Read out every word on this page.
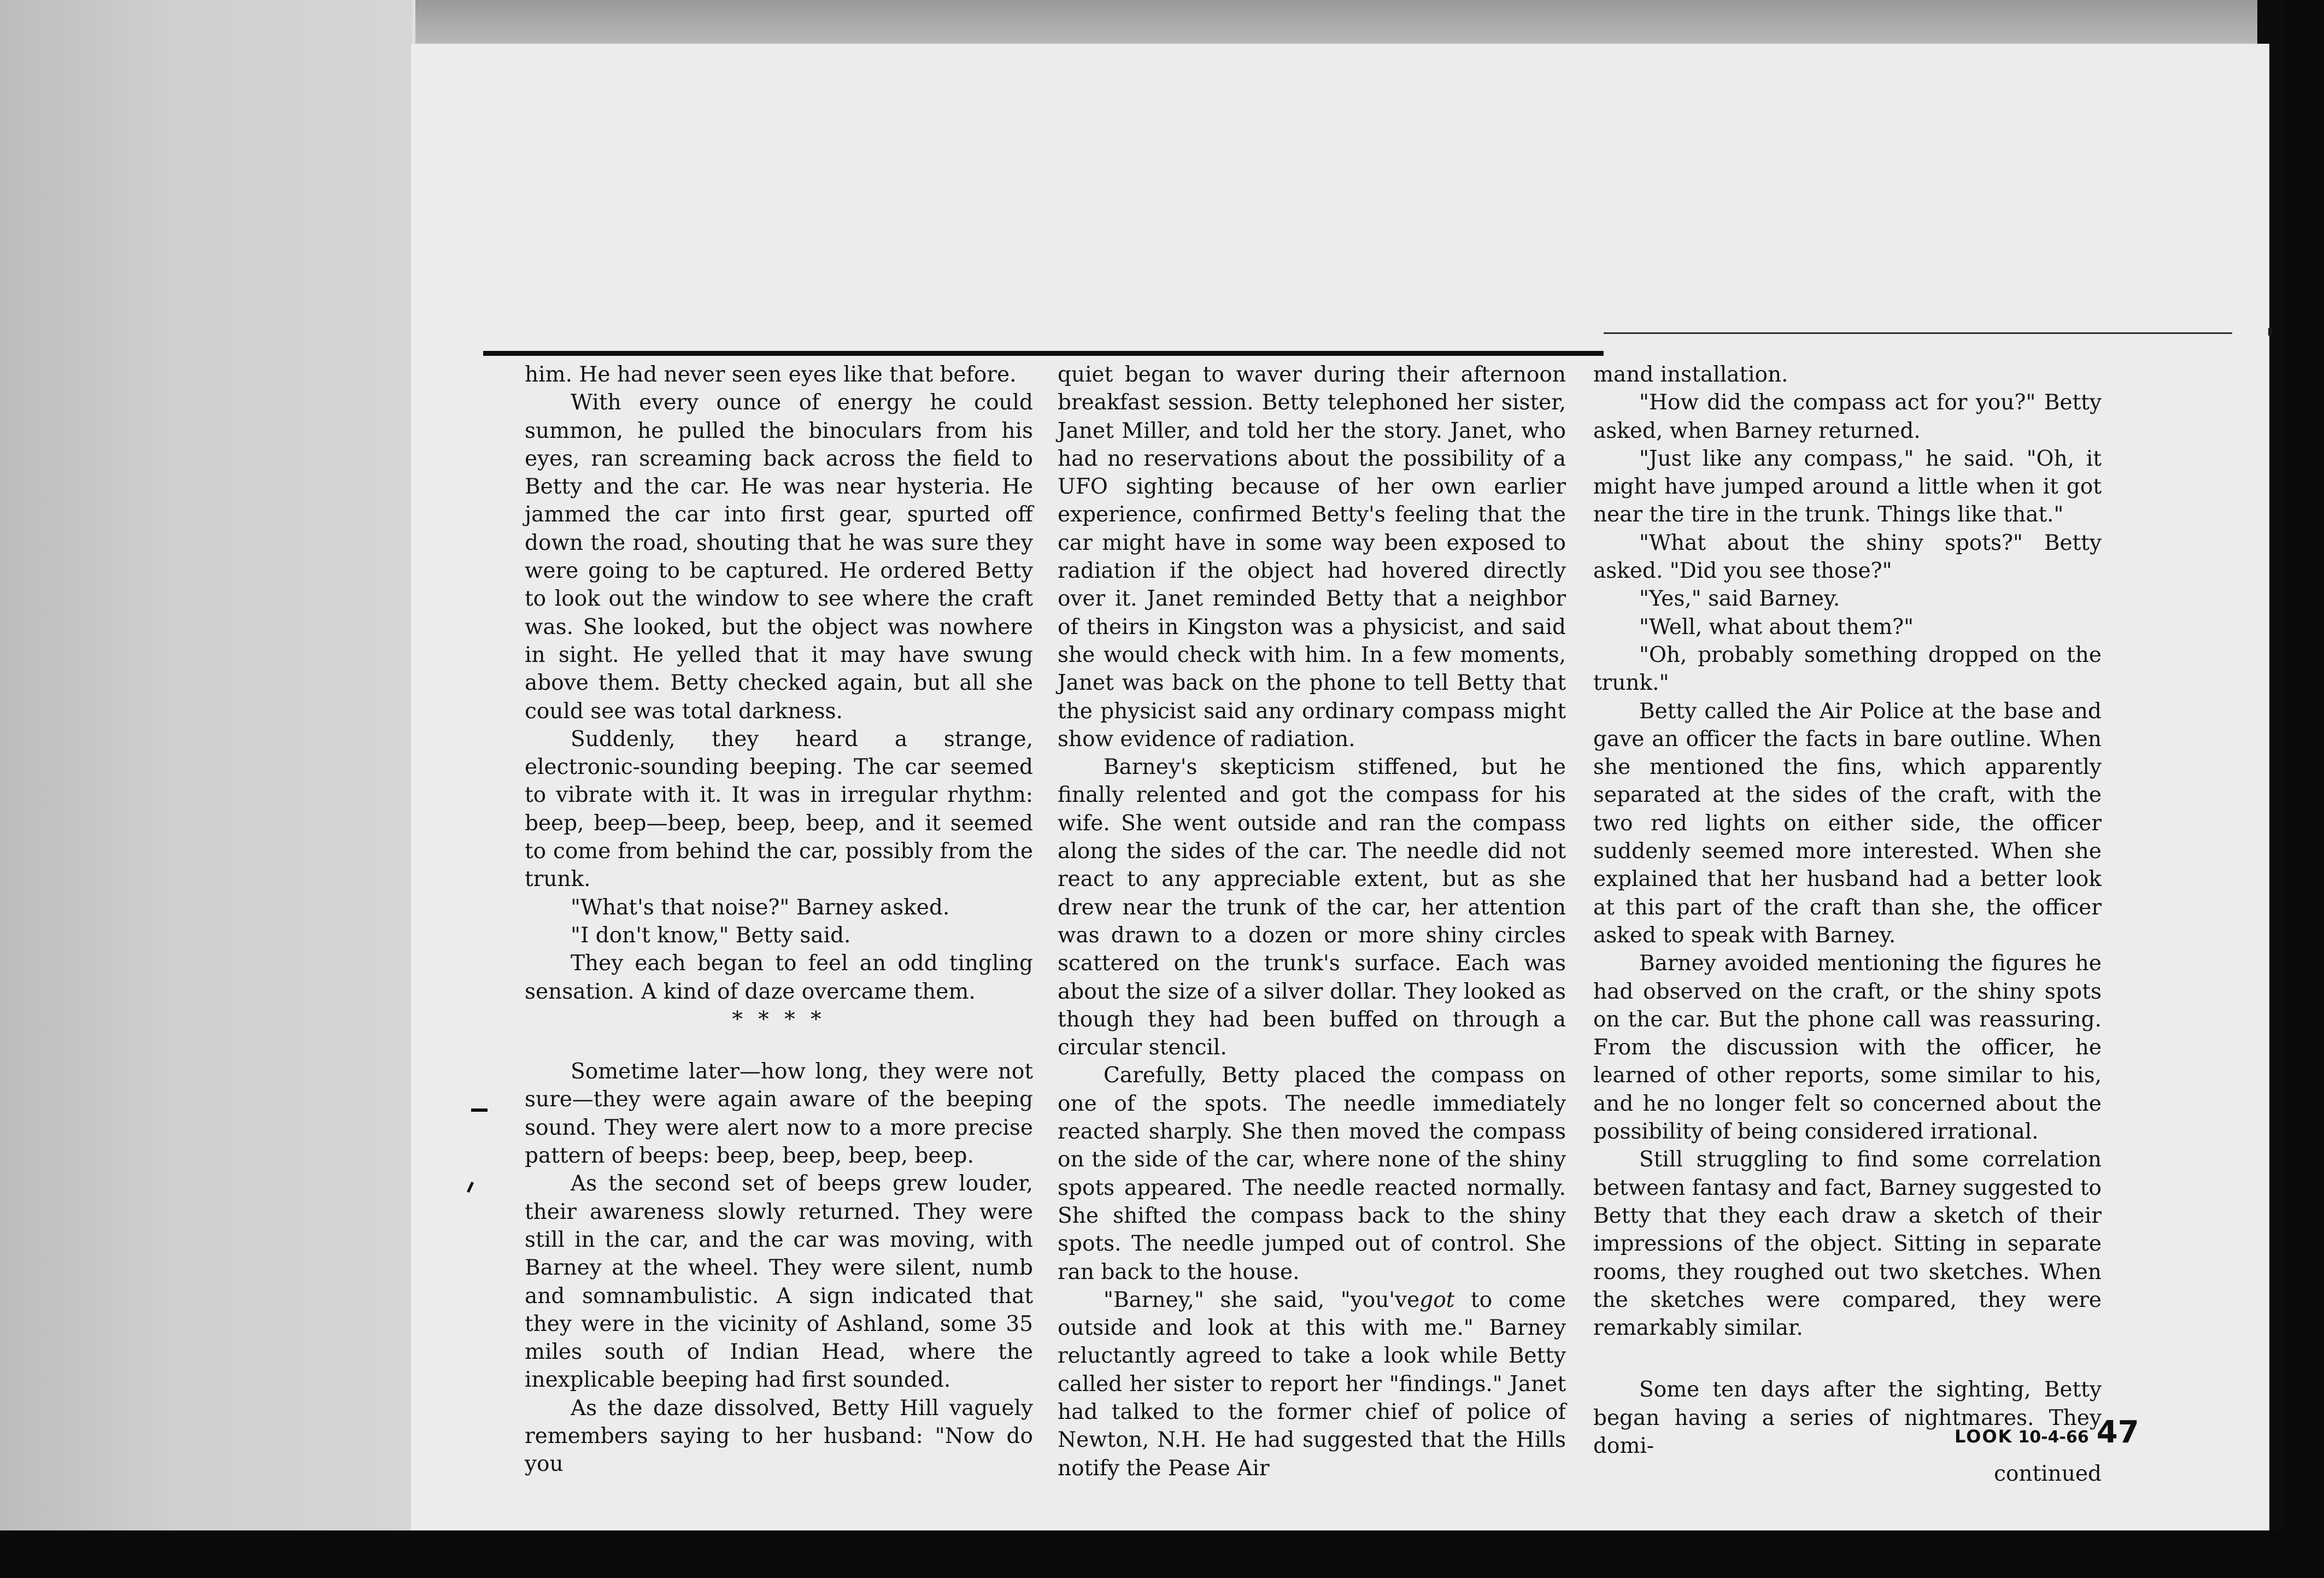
him. He had never seen eyes like that before.

With every ounce of energy he could summon, he pulled the binoculars from his eyes, ran screaming back across the field to Betty and the car. He was near hysteria. He jammed the car into first gear, spurted off down the road, shouting that he was sure they were going to be captured. He ordered Betty to look out the window to see where the craft was. She looked, but the object was nowhere in sight. He yelled that it may have swung above them. Betty checked again, but all she could see was total darkness.

Suddenly, they heard a strange, electronic-sounding beeping. The car seemed to vibrate with it. It was in irregular rhythm: beep, beep—beep, beep, beep, and it seemed to come from behind the car, possibly from the trunk.

"What's that noise?" Barney asked.

"I don't know," Betty said.

They each began to feel an odd tingling sensation. A kind of daze overcame them.

* * * *

Sometime later—how long, they were not sure—they were again aware of the beeping sound. They were alert now to a more precise pattern of beeps: beep, beep, beep, beep.

As the second set of beeps grew louder, their awareness slowly returned. They were still in the car, and the car was moving, with Barney at the wheel. They were silent, numb and somnambulistic. A sign indicated that they were in the vicinity of Ashland, some 35 miles south of Indian Head, where the inexplicable beeping had first sounded.

As the daze dissolved, Betty Hill vaguely remembers saying to her husband: "Now do you

quiet began to waver during their afternoon breakfast session. Betty telephoned her sister, Janet Miller, and told her the story. Janet, who had no reservations about the possibility of a UFO sighting because of her own earlier experience, confirmed Betty's feeling that the car might have in some way been exposed to radiation if the object had hovered directly over it. Janet reminded Betty that a neighbor of theirs in Kingston was a physicist, and said she would check with him. In a few moments, Janet was back on the phone to tell Betty that the physicist said any ordinary compass might show evidence of radiation.

Barney's skepticism stiffened, but he finally relented and got the compass for his wife. She went outside and ran the compass along the sides of the car. The needle did not react to any appreciable extent, but as she drew near the trunk of the car, her attention was drawn to a dozen or more shiny circles scattered on the trunk's surface. Each was about the size of a silver dollar. They looked as though they had been buffed on through a circular stencil.

Carefully, Betty placed the compass on one of the spots. The needle immediately reacted sharply. She then moved the compass on the side of the car, where none of the shiny spots appeared. The needle reacted normally. She shifted the compass back to the shiny spots. The needle jumped out of control. She ran back to the house.

"Barney," she said, "you'vegot to come outside and look at this with me." Barney reluctantly agreed to take a look while Betty called her sister to report her "findings." Janet had talked to the former chief of police of Newton, N.H. He had suggested that the Hills notify the Pease Air

mand installation.

"How did the compass act for you?" Betty asked, when Barney returned.

"Just like any compass," he said. "Oh, it might have jumped around a little when it got near the tire in the trunk. Things like that."

"What about the shiny spots?" Betty asked. "Did you see those?"

"Yes," said Barney.

"Well, what about them?"

"Oh, probably something dropped on the trunk."

Betty called the Air Police at the base and gave an officer the facts in bare outline. When she mentioned the fins, which apparently separated at the sides of the craft, with the two red lights on either side, the officer suddenly seemed more interested. When she explained that her husband had a better look at this part of the craft than she, the officer asked to speak with Barney.

Barney avoided mentioning the figures he had observed on the craft, or the shiny spots on the car. But the phone call was reassuring. From the discussion with the officer, he learned of other reports, some similar to his, and he no longer felt so concerned about the possibility of being considered irrational.

Still struggling to find some correlation between fantasy and fact, Barney suggested to Betty that they each draw a sketch of their impressions of the object. Sitting in separate rooms, they roughed out two sketches. When the sketches were compared, they were remarkably similar.

Some ten days after the sighting, Betty began having a series of nightmares. They domi-

continued

LOOK 10-4-66 47
